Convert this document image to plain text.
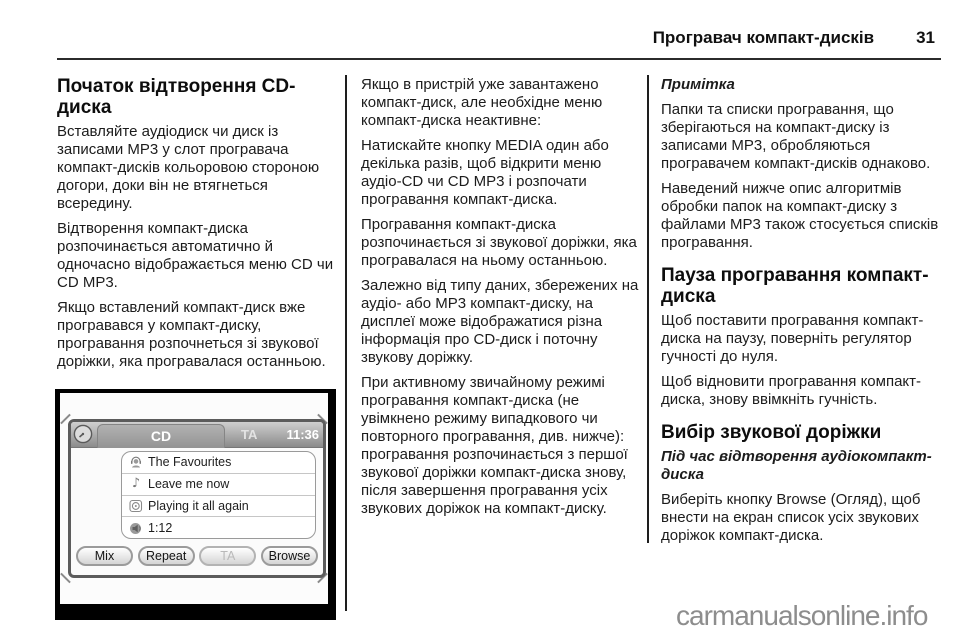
Програвач компакт-дисків 31
Початок відтворення CD-диска

Вставляйте аудіодиск чи диск із записами MP3 у слот програвача компакт-дисків кольоровою стороною догори, доки він не втягнеться всередину.

Відтворення компакт-диска розпочинається автоматично й одночасно відображається меню CD чи CD MP3.

Якщо вставлений компакт-диск вже програвався у компакт-диску, програвання розпочнеться зі звукової доріжки, яка програвалася останньою.

CD	TA 11:36
The Favourites
♪ Leave me now
Playing it all again
1:12
Mix	Repeat	TA	Browse

Якщо в пристрій уже завантажено компакт-диск, але необхідне меню компакт-диска неактивне:

Натискайте кнопку MEDIA один або декілька разів, щоб відкрити меню аудіо-CD чи CD MP3 і розпочати програвання компакт-диска.

Програвання компакт-диска розпочинається зі звукової доріжки, яка програвалася на ньому останньою.

Залежно від типу даних, збережених на аудіо- або MP3 компакт-диску, на дисплеї може відображатися різна інформація про CD-диск і поточну звукову доріжку.

При активному звичайному режимі програвання компакт-диска (не увімкнено режиму випадкового чи повторного програвання, див. нижче): програвання розпочинається з першої звукової доріжки компакт-диска знову, після завершення програвання усіх звукових доріжок на компакт-диску.

Примітка

Папки та списки програвання, що зберігаються на компакт-диску із записами MP3, обробляються програвачем компакт-дисків однаково.

Наведений нижче опис алгоритмів обробки папок на компакт-диску з файлами MP3 також стосується списків програвання.

Пауза програвання компакт-диска

Щоб поставити програвання компакт-диска на паузу, поверніть регулятор гучності до нуля.

Щоб відновити програвання компакт-диска, знову ввімкніть гучність.

Вибір звукової доріжки

Під час відтворення аудіокомпакт-диска

Виберіть кнопку Browse (Огляд), щоб внести на екран список усіх звукових доріжок компакт-диска.

carmanualsonline.info
